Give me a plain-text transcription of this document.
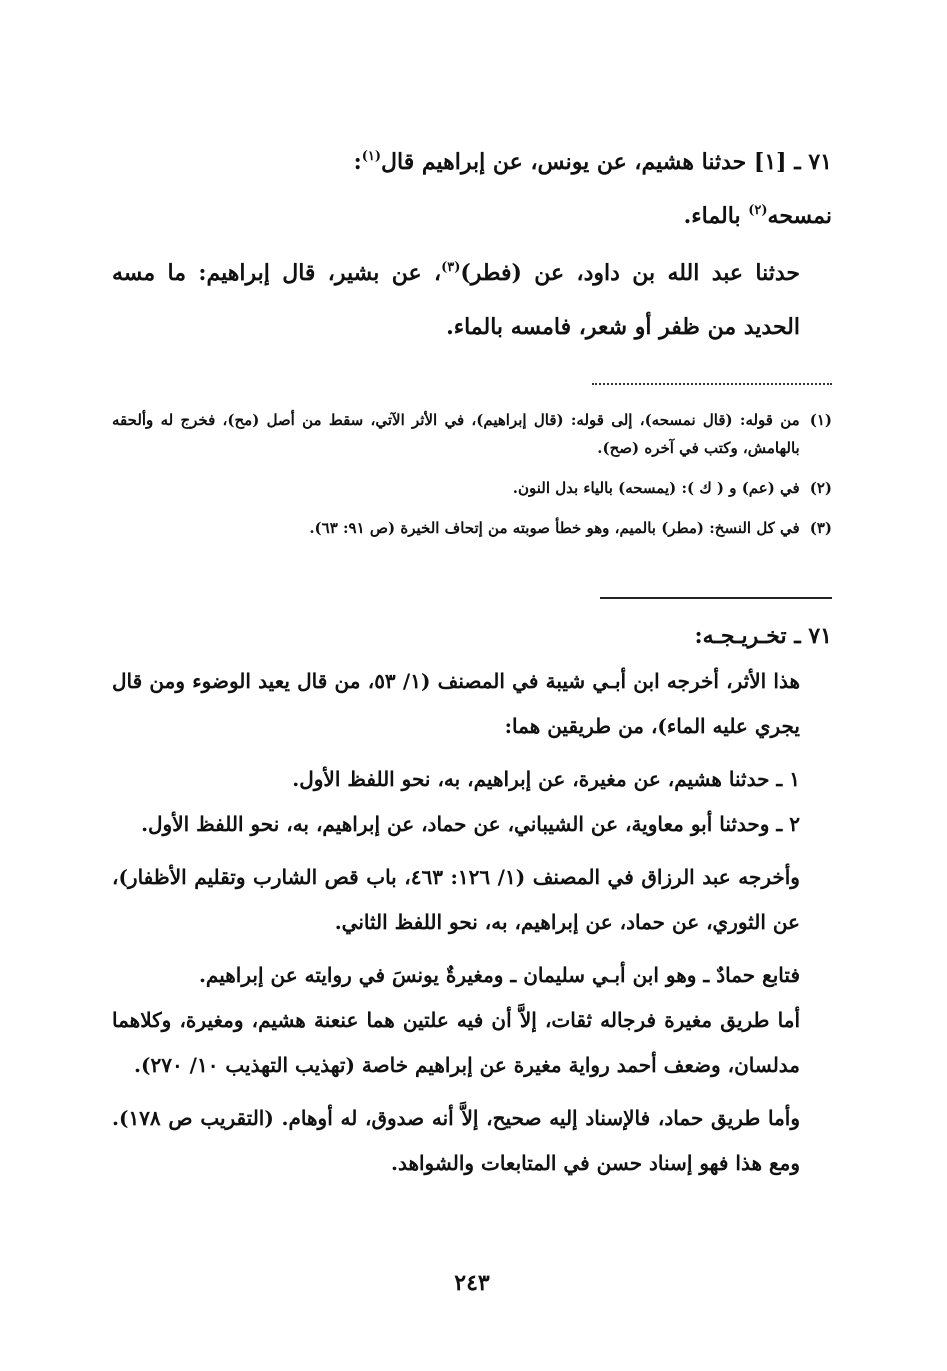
٧١ ـ [١] حدثنا هشيم، عن يونس، عن إبراهيم قال$^{(١)}$:
نمسحه$^{(٢)}$ بالماء.

حدثنا عبد الله بن داود، عن (فطر)$^{(٣)}$، عن بشير، قال إبراهيم: ما مسه الحديد من ظفر أو شعر، فامسه بالماء.

(١)
من قوله: (قال نمسحه)، إلى قوله: (قال إبراهيم)، في الأثر الآتي، سقط من أصل (مح)، فخرج له وألحقه بالهامش، وكتب في آخره (صح).
(٢)
في (عم) و ( ك ): (يمسحه) بالياء بدل النون.
(٣)
في كل النسخ: (مطر) بالميم، وهو خطأ صوبته من إتحاف الخيرة (ص ٩١: ٦٣).
٧١ ـ تخـريـجـه:

هذا الأثر، أخرجه ابن أبـي شيبة في المصنف (١/ ٥٣، من قال يعيد الوضوء ومن قال يجري عليه الماء)، من طريقين هما:

١ ـ حدثنا هشيم، عن مغيرة، عن إبراهيم، به، نحو اللفظ الأول.

٢ ـ وحدثنا أبو معاوية، عن الشيباني، عن حماد، عن إبراهيم، به، نحو اللفظ الأول.

وأخرجه عبد الرزاق في المصنف (١/ ١٢٦: ٤٦٣، باب قص الشارب وتقليم الأظفار)، عن الثوري، عن حماد، عن إبراهيم، به، نحو اللفظ الثاني.

فتابع حمادٌ ـ وهو ابن أبـي سليمان ـ ومغيرةٌ يونسَ في روايته عن إبراهيم.

أما طريق مغيرة فرجاله ثقات، إلاَّ أن فيه علتين هما عنعنة هشيم، ومغيرة، وكلاهما مدلسان، وضعف أحمد رواية مغيرة عن إبراهيم خاصة (تهذيب التهذيب ١٠/ ٢٧٠).

وأما طريق حماد، فالإسناد إليه صحيح، إلاَّ أنه صدوق، له أوهام. (التقريب ص ١٧٨). ومع هذا فهو إسناد حسن في المتابعات والشواهد.

٢٤٣
